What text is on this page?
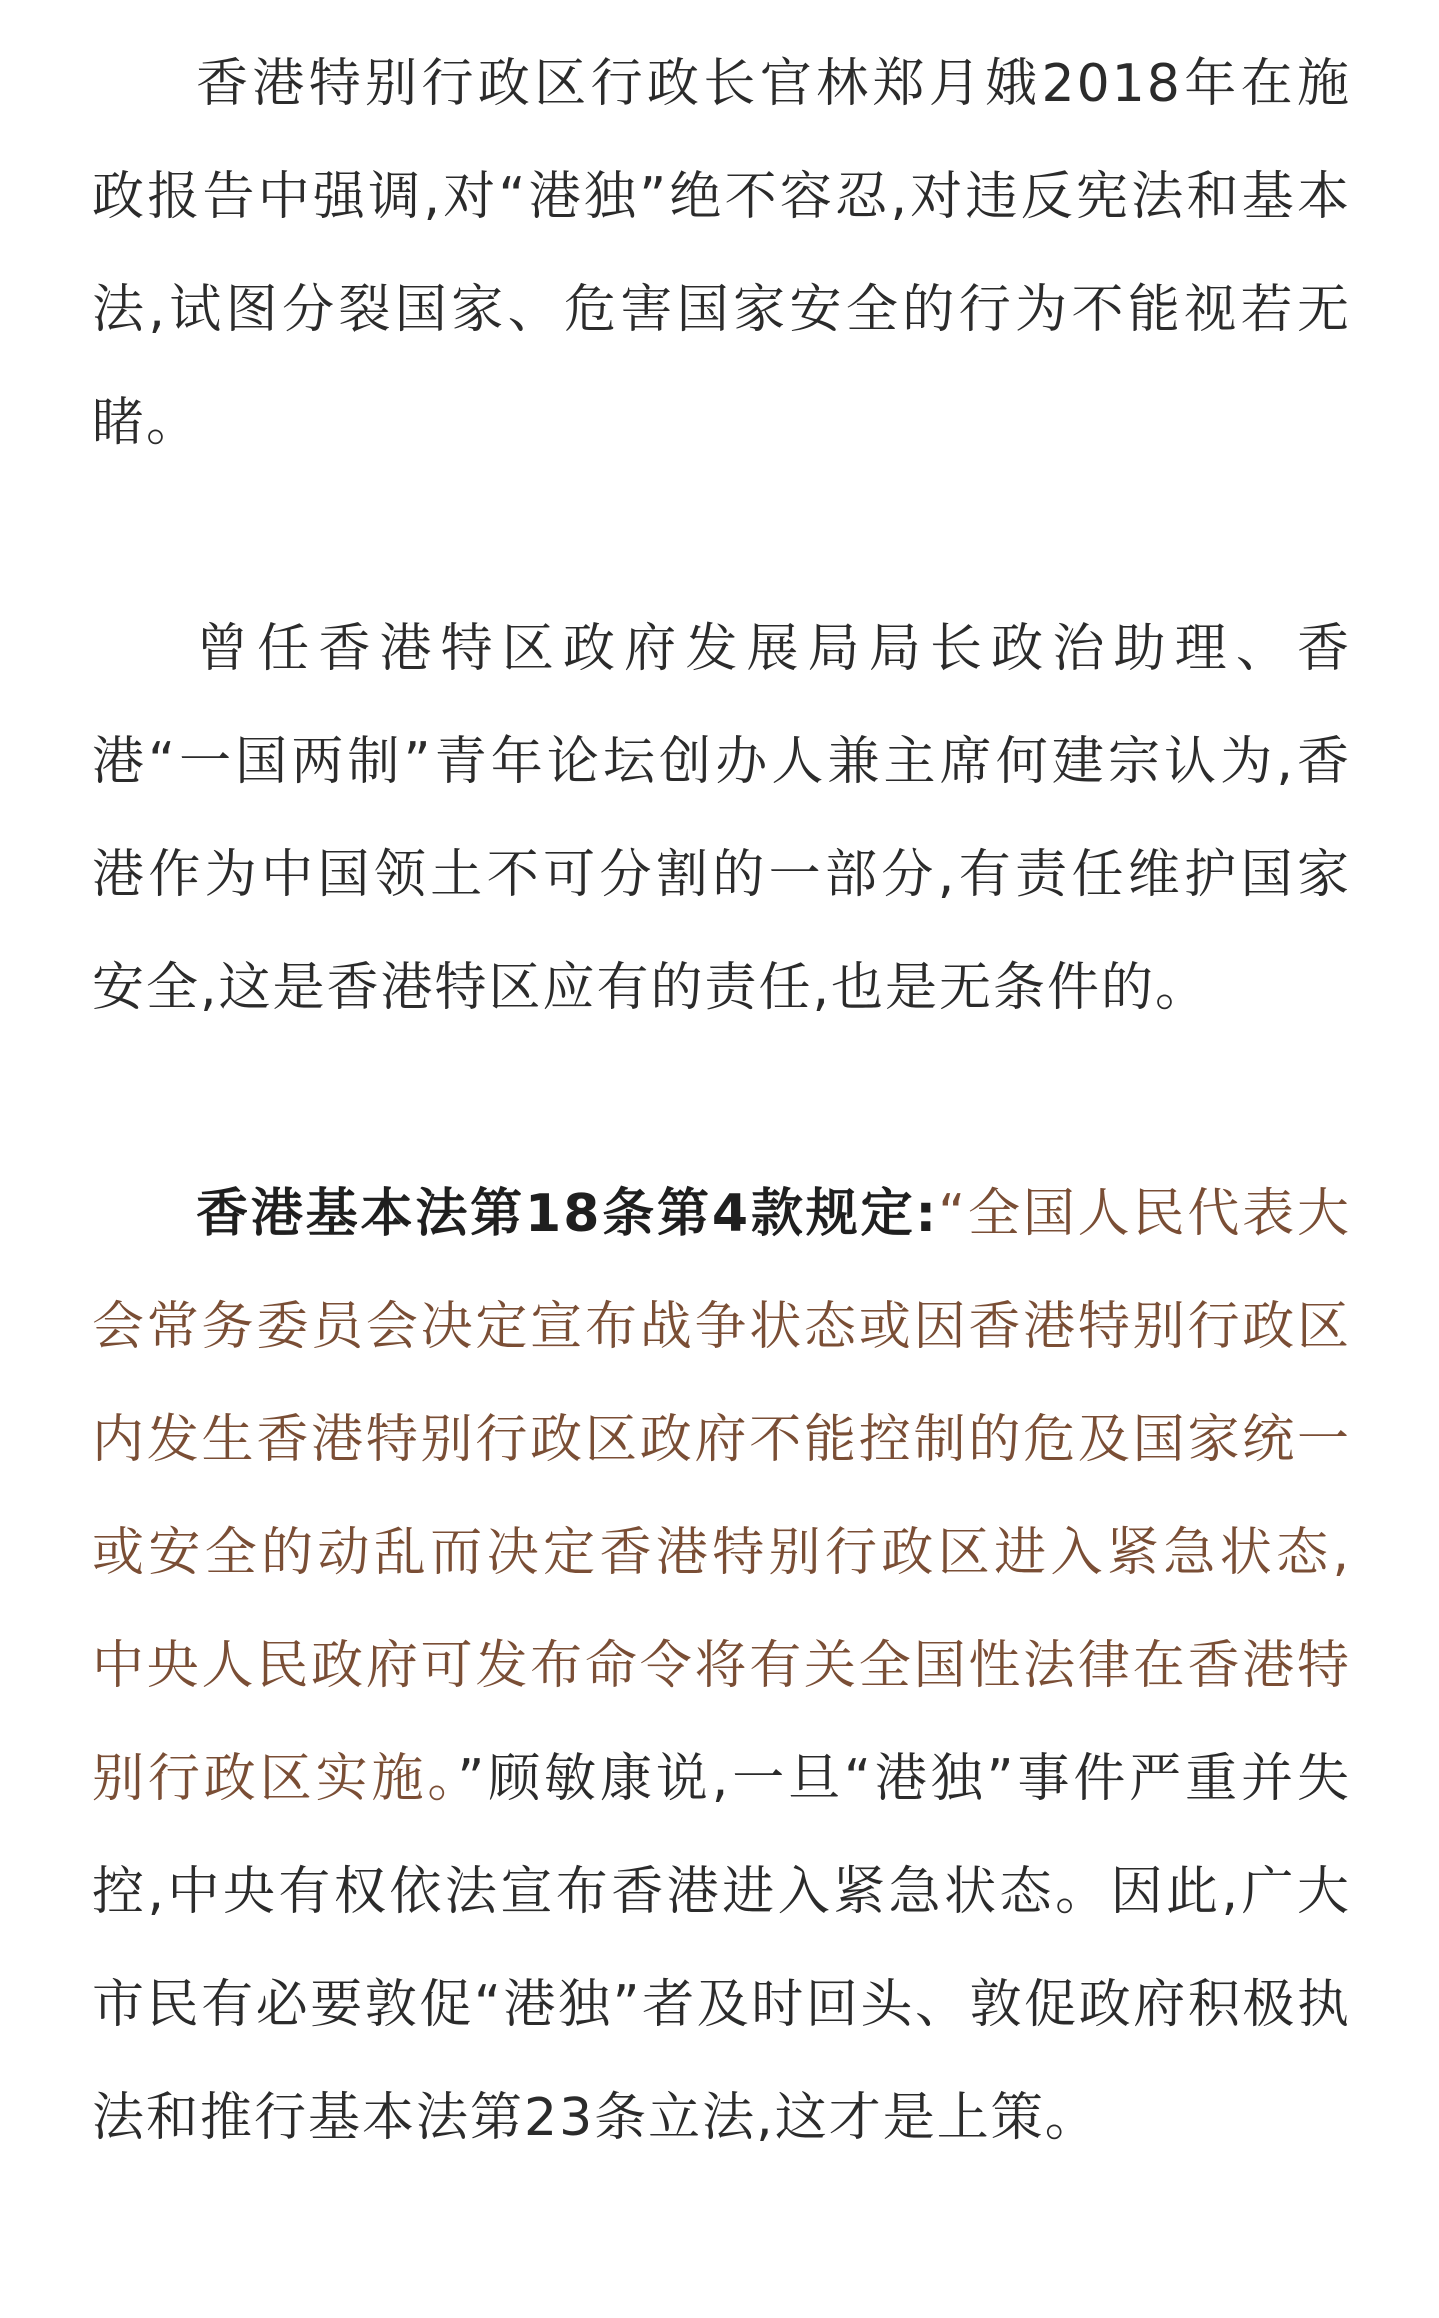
香港特别行政区行政长官林郑月娥2018年在施政报告中强调,对“港独”绝不容忍,对违反宪法和基本法,试图分裂国家、危害国家安全的行为不能视若无睹。

曾任香港特区政府发展局局长政治助理、香港“一国两制”青年论坛创办人兼主席何建宗认为,香港作为中国领土不可分割的一部分,有责任维护国家安全,这是香港特区应有的责任,也是无条件的。

香港基本法第18条第4款规定:“全国人民代表大会常务委员会决定宣布战争状态或因香港特别行政区内发生香港特别行政区政府不能控制的危及国家统一或安全的动乱而决定香港特别行政区进入紧急状态,中央人民政府可发布命令将有关全国性法律在香港特别行政区实施。”顾敏康说,一旦“港独”事件严重并失控,中央有权依法宣布香港进入紧急状态。因此,广大市民有必要敦促“港独”者及时回头、敦促政府积极执法和推行基本法第23条立法,这才是上策。
